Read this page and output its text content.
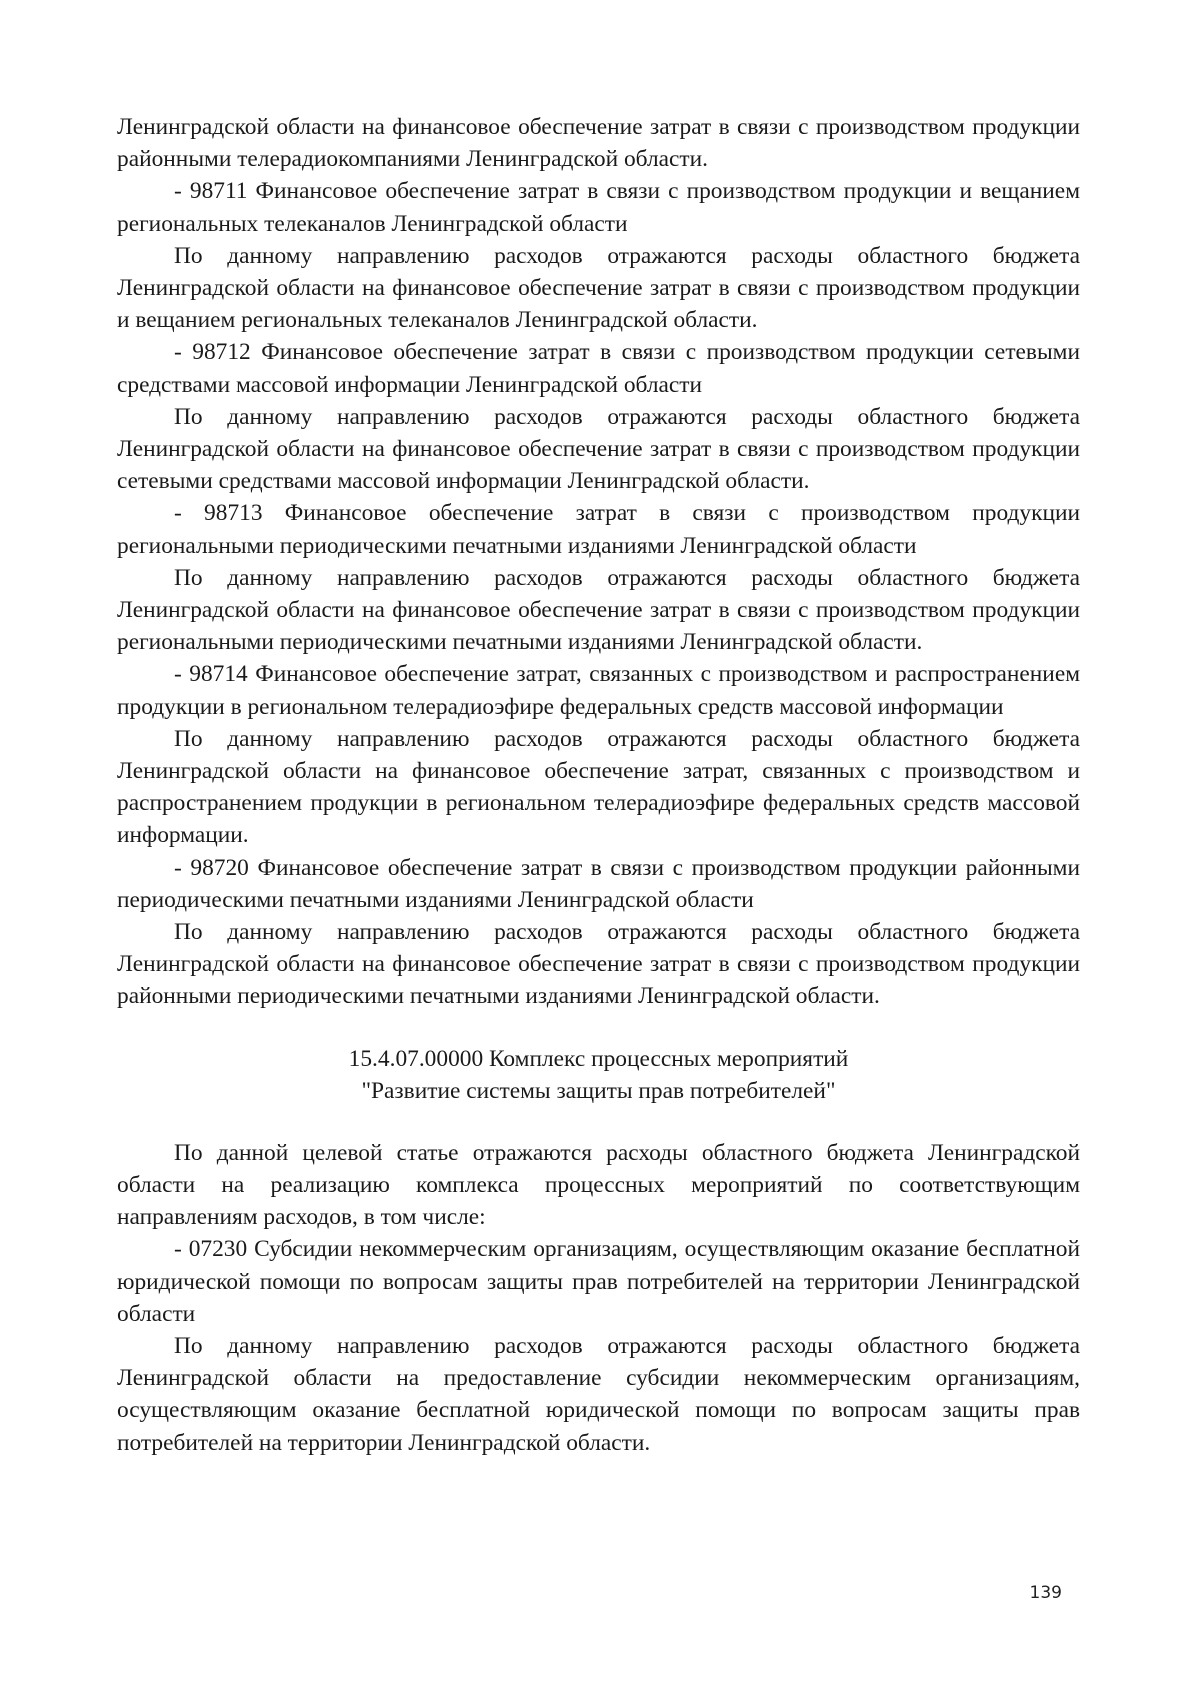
Ленинградской области на финансовое обеспечение затрат в связи с производством продукции районными телерадиокомпаниями Ленинградской области.

- 98711 Финансовое обеспечение затрат в связи с производством продукции и вещанием региональных телеканалов Ленинградской области

По данному направлению расходов отражаются расходы областного бюджета Ленинградской области на финансовое обеспечение затрат в связи с производством продукции и вещанием региональных телеканалов Ленинградской области.

- 98712 Финансовое обеспечение затрат в связи с производством продукции сетевыми средствами массовой информации Ленинградской области

По данному направлению расходов отражаются расходы областного бюджета Ленинградской области на финансовое обеспечение затрат в связи с производством продукции сетевыми средствами массовой информации Ленинградской области.

- 98713 Финансовое обеспечение затрат в связи с производством продукции региональными периодическими печатными изданиями Ленинградской области

По данному направлению расходов отражаются расходы областного бюджета Ленинградской области на финансовое обеспечение затрат в связи с производством продукции региональными периодическими печатными изданиями Ленинградской области.

- 98714 Финансовое обеспечение затрат, связанных с производством и распространением продукции в региональном телерадиоэфире федеральных средств массовой информации

По данному направлению расходов отражаются расходы областного бюджета Ленинградской области на финансовое обеспечение затрат, связанных с производством и распространением продукции в региональном телерадиоэфире федеральных средств массовой информации.

- 98720 Финансовое обеспечение затрат в связи с производством продукции районными периодическими печатными изданиями Ленинградской области

По данному направлению расходов отражаются расходы областного бюджета Ленинградской области на финансовое обеспечение затрат в связи с производством продукции районными периодическими печатными изданиями Ленинградской области.

15.4.07.00000 Комплекс процессных мероприятий
"Развитие системы защиты прав потребителей"

По данной целевой статье отражаются расходы областного бюджета Ленинградской области на реализацию комплекса процессных мероприятий по соответствующим направлениям расходов, в том числе:

- 07230 Субсидии некоммерческим организациям, осуществляющим оказание бесплатной юридической помощи по вопросам защиты прав потребителей на территории Ленинградской области

По данному направлению расходов отражаются расходы областного бюджета Ленинградской области на предоставление субсидии некоммерческим организациям, осуществляющим оказание бесплатной юридической помощи по вопросам защиты прав потребителей на территории Ленинградской области.

139
